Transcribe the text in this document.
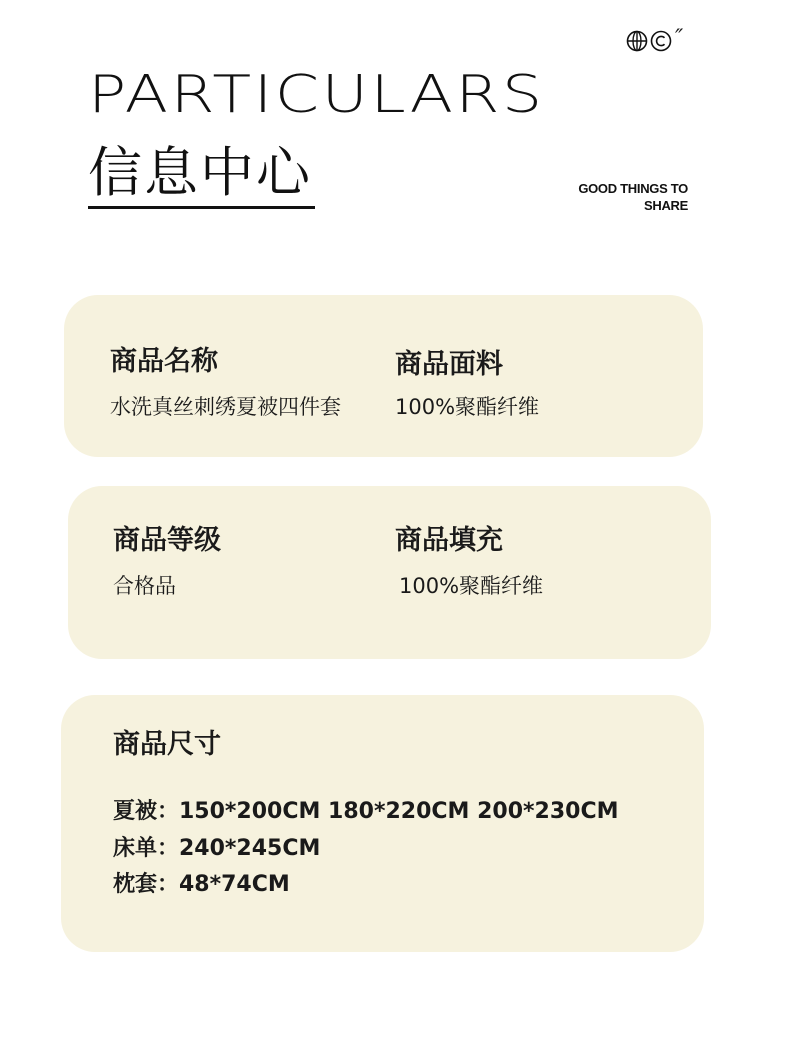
″
PARTICULARS
信息中心	GOOD THINGS TO
SHARE
商品名称
水洗真丝刺绣夏被四件套
商品面料
100%聚酯纤维
商品等级
合格品
商品填充
100%聚酯纤维
商品尺寸
夏被：150*200CM 180*220CM 200*230CM
床单：240*245CM
枕套：48*74CM
